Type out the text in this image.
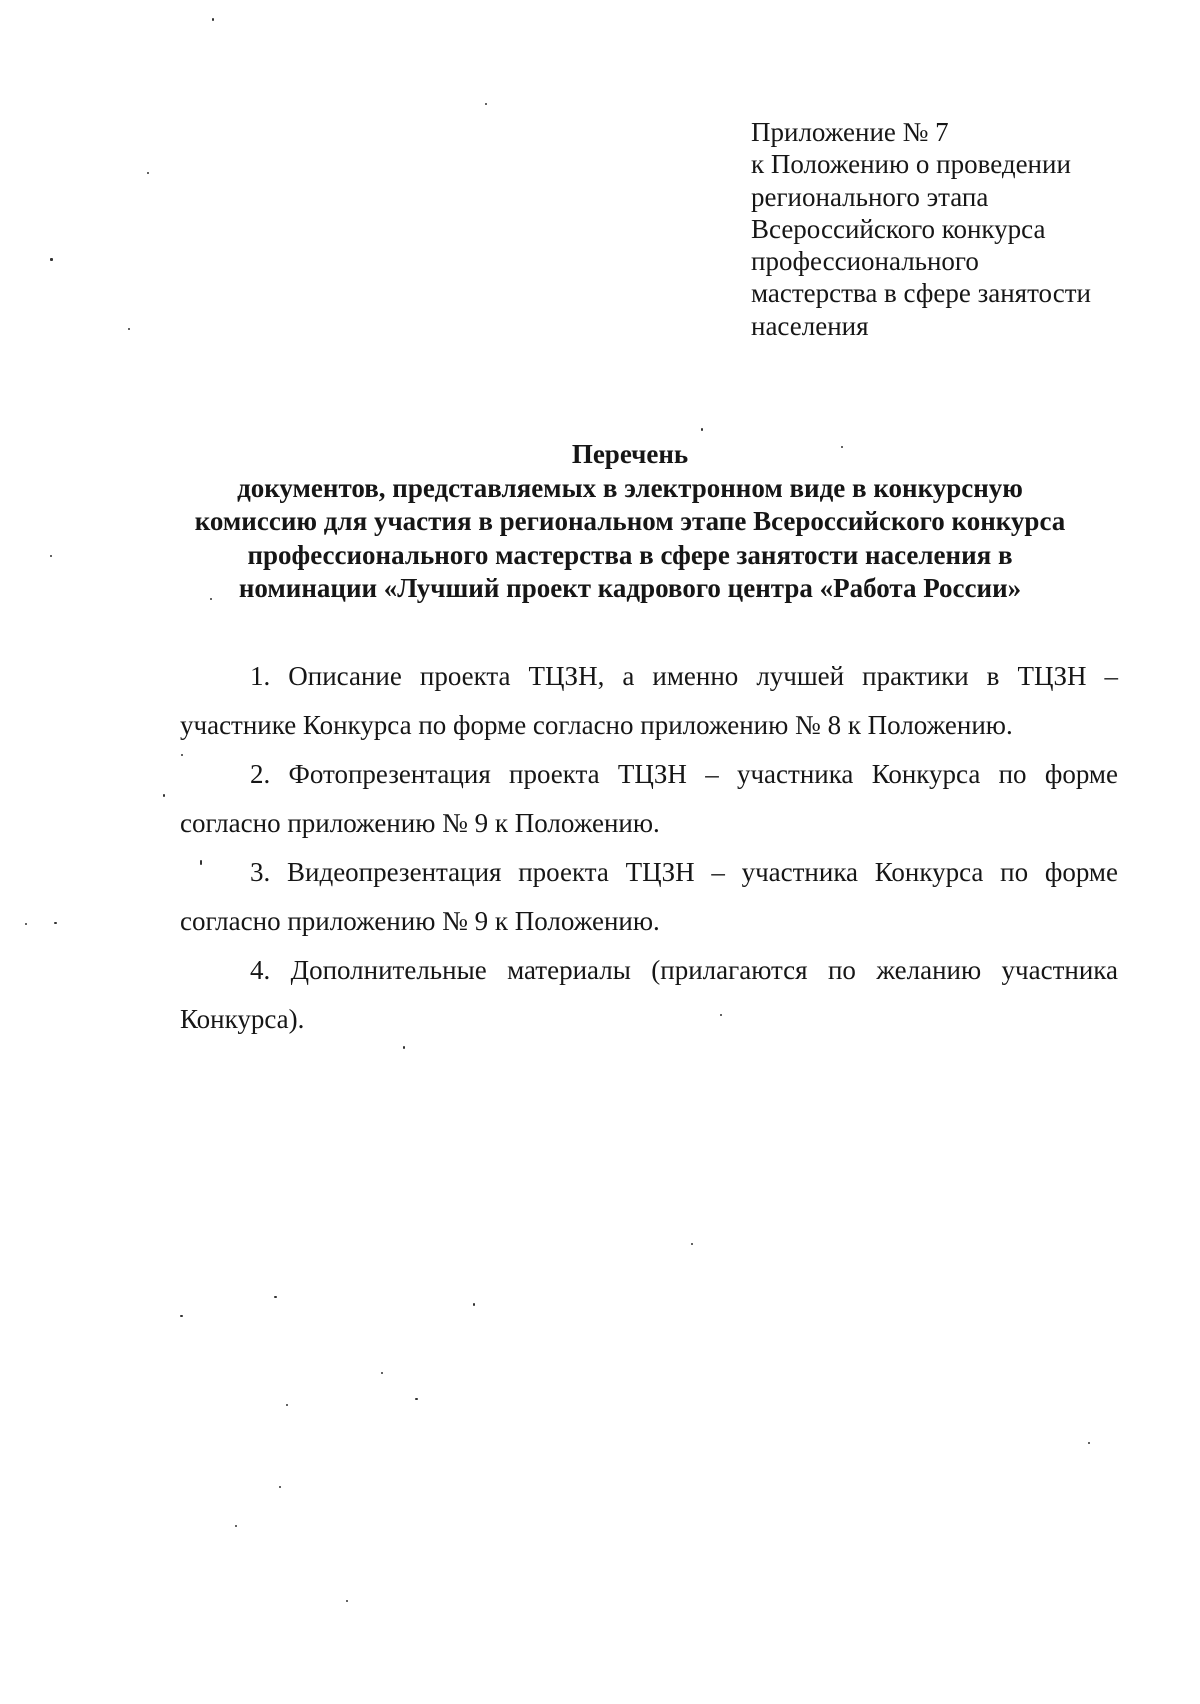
Приложение № 7
к Положению о проведении
регионального этапа
Всероссийского конкурса
профессионального
мастерства в сфере занятости
населения
Перечень
документов, представляемых в электронном виде в конкурсную
комиссию для участия в региональном этапе Всероссийского конкурса
профессионального мастерства в сфере занятости населения в
номинации «Лучший проект кадрового центра «Работа России»
1. Описание проекта ТЦЗН, а именно лучшей практики в ТЦЗН –
участнике Конкурса по форме согласно приложению № 8 к Положению.
2. Фотопрезентация проекта ТЦЗН – участника Конкурса по форме
согласно приложению № 9 к Положению.
3. Видеопрезентация проекта ТЦЗН – участника Конкурса по форме
согласно приложению № 9 к Положению.
4. Дополнительные материалы (прилагаются по желанию участника
Конкурса).
